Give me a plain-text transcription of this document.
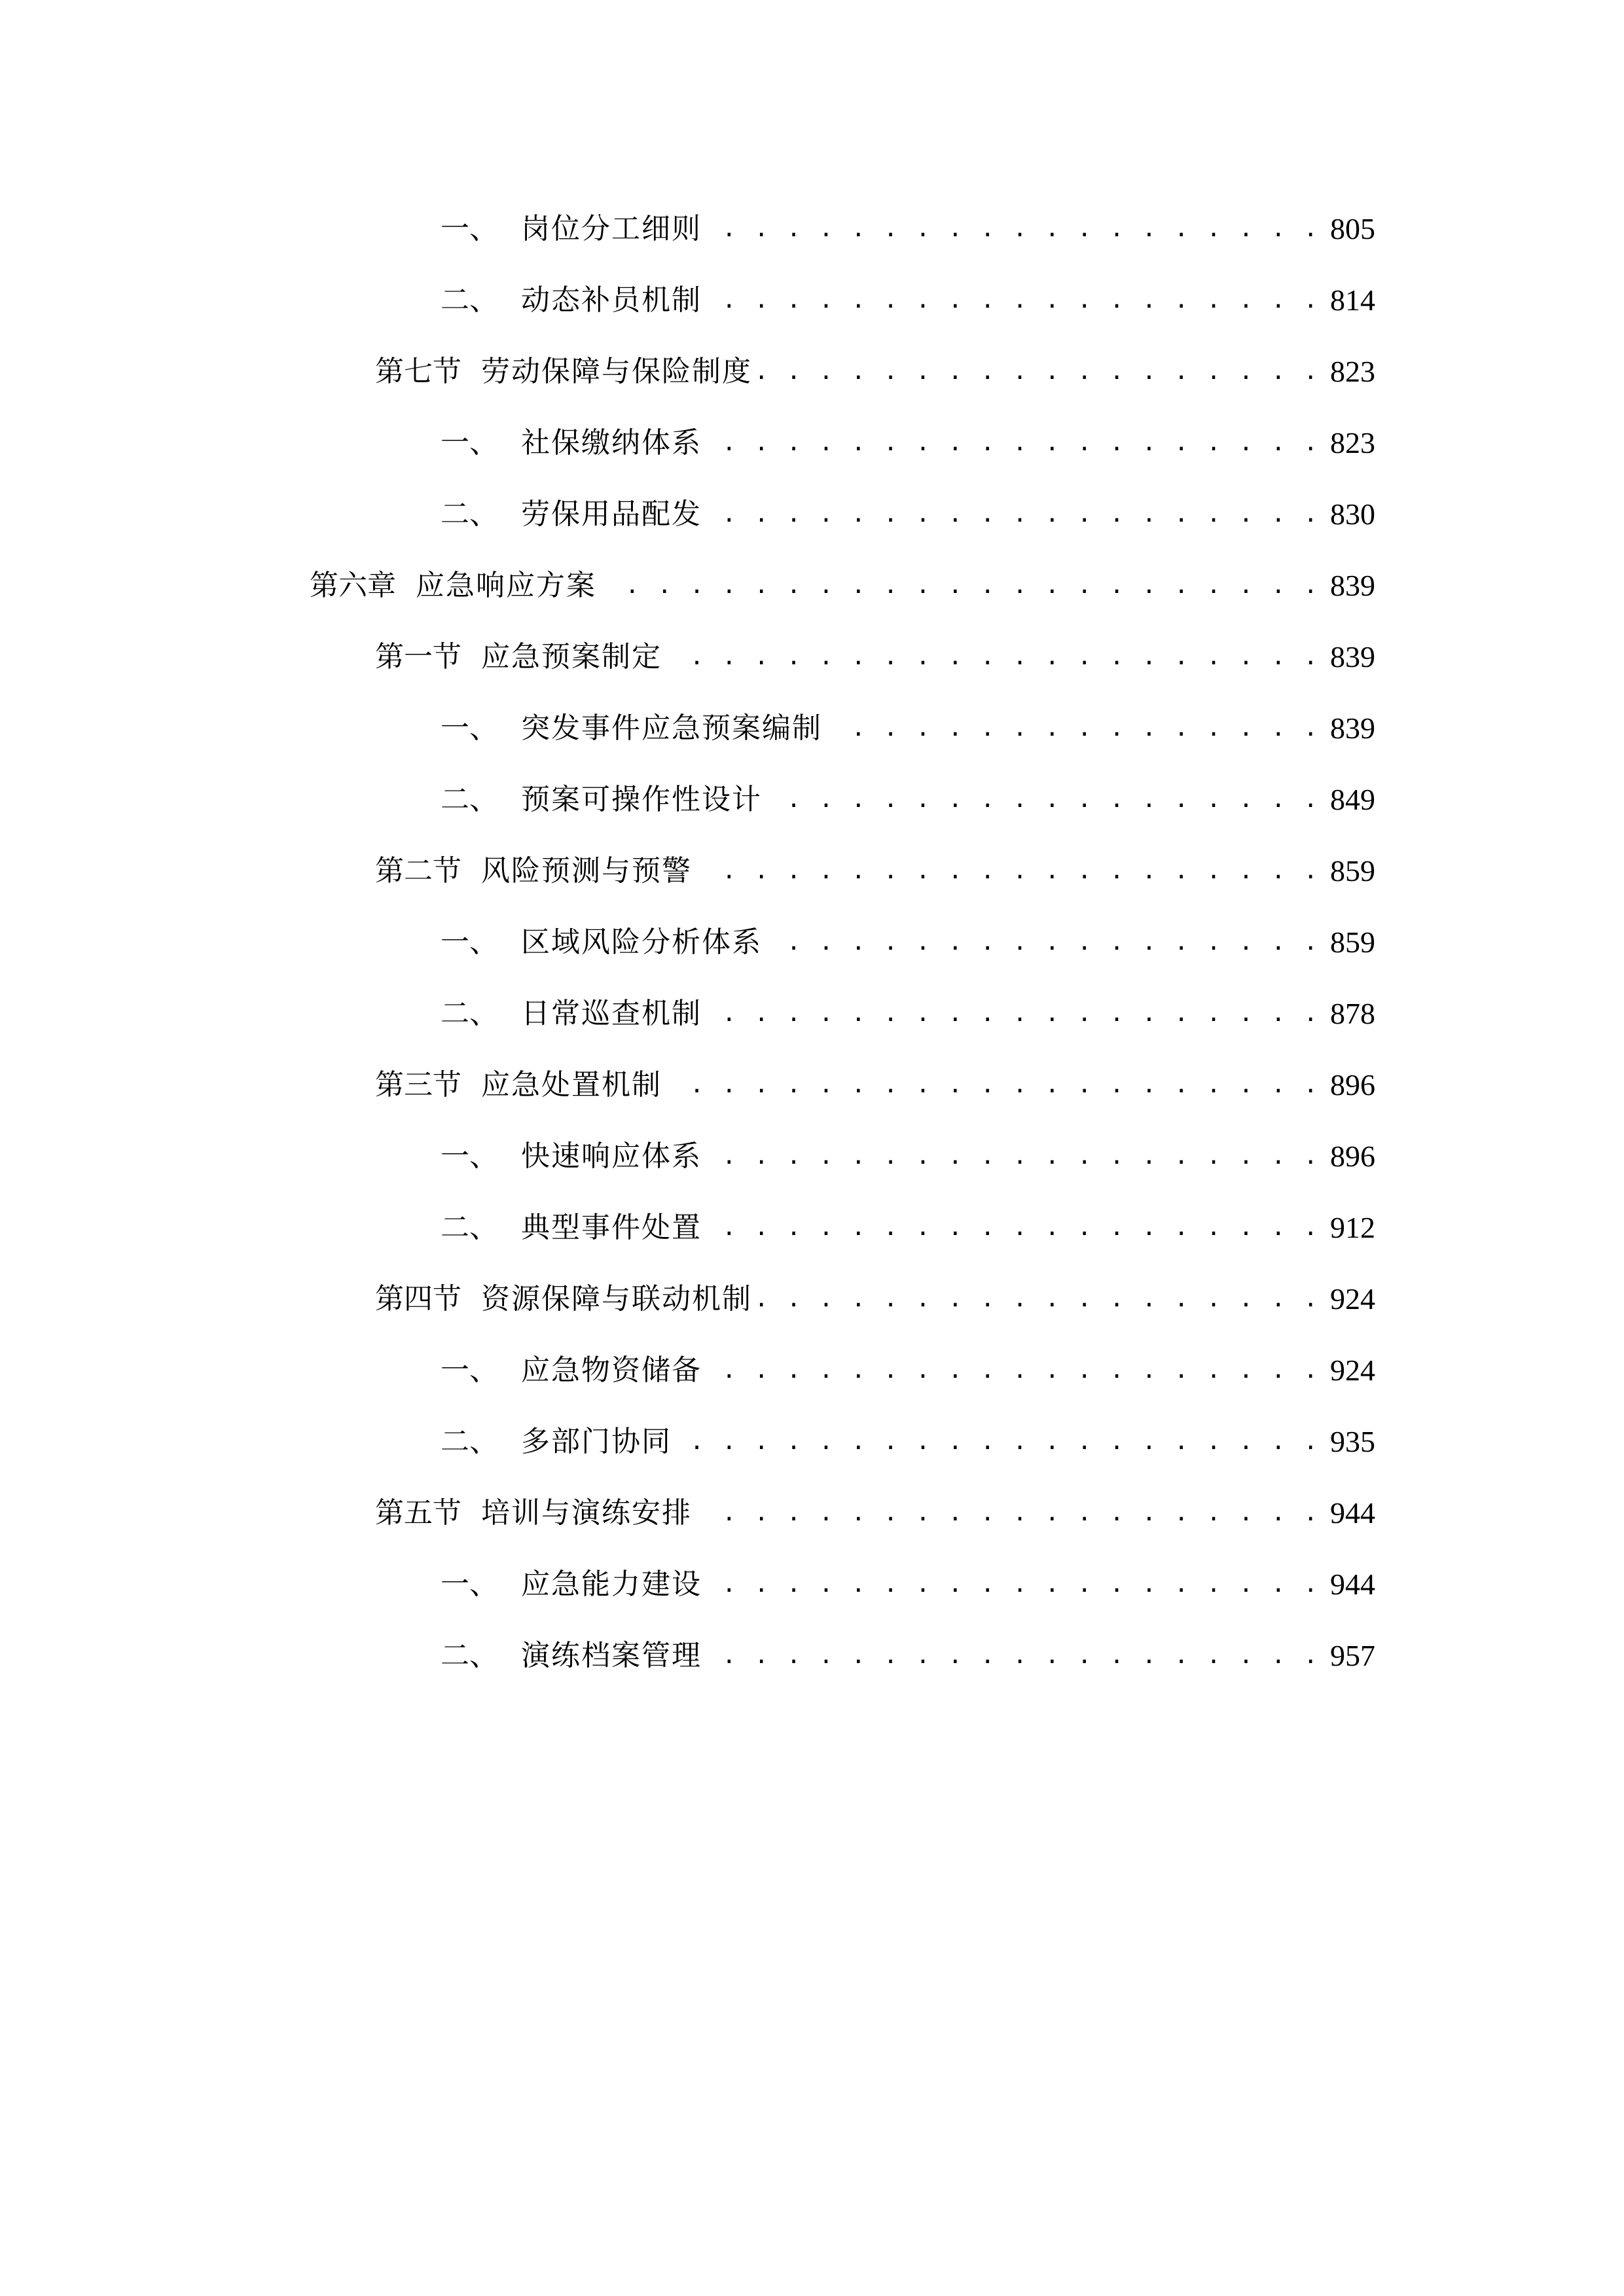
一、 岗位分工细则 . . .	805
二、 动态补员机制 . . .	814
第七节 劳动保障与保险制度 . . .	823
一、 社保缴纳体系 . . .	823
二、 劳保用品配发 . . .	830
第六章 应急响应方案 . . .	839
第一节 应急预案制定 . . .	839
一、 突发事件应急预案编制 . . .	839
二、 预案可操作性设计 . . .	849
第二节 风险预测与预警 . . .	859
一、 区域风险分析体系 . . .	859
二、 日常巡查机制 . . .	878
第三节 应急处置机制 . . .	896
一、 快速响应体系 . . .	896
二、 典型事件处置 . . .	912
第四节 资源保障与联动机制 . . .	924
一、 应急物资储备 . . .	924
二、 多部门协同 . . .	935
第五节 培训与演练安排 . . .	944
一、 应急能力建设 . . .	944
二、 演练档案管理 . . .	957
